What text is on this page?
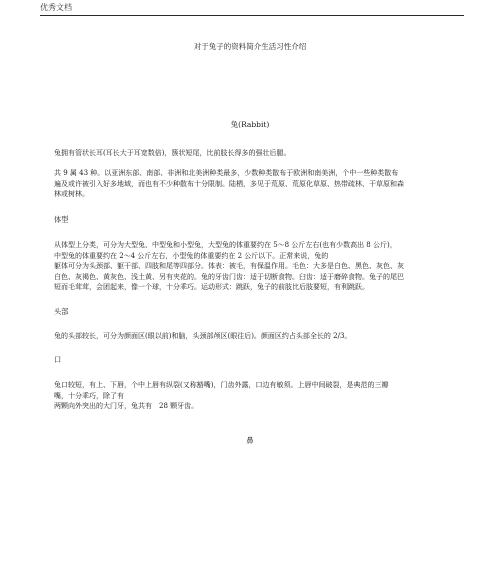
优秀文档
对于兔子的资料简介生活习性介绍
兔(Rabbit)

兔拥有管状长耳(耳长大于耳宽数倍)，簇状短尾，比前肢长得多的强壮后腿。

共 9 属 43 种。以亚洲东部、南部、非洲和北美洲种类最多，少数种类散布于欧洲和南美洲，个中一些种类散布
遍及或许被引入好多地域，而也有不少种散布十分限制。陆栖，多见于荒原、荒原化草原、热带疏林、干草原和森
林或树林。

体型

从体型上分类，可分为大型兔、中型兔和小型兔，大型兔的体重要约在 5～8 公斤左右(也有少数高出 8 公斤)，
中型兔的体重要约在 2～4 公斤左右，小型兔的体重要约在 2 公斤以下。正常来说，兔的
躯体可分为头颈部、躯干部、四肢和尾等四部分。体表：被毛，有保温作用。毛色：大多是白色、黑色、灰色、灰
白色、灰褐色、黄灰色、浅土黄、另有夹花的。兔的牙齿门齿：适于切断食物。臼齿：适于磨碎食物。兔子的尾巴
短而毛茸茸，会团起来，像一个球，十分乖巧。运动形式：跳跃，兔子的前肢比后肢要短，有利跳跃。

头部

兔的头部较长，可分为颜面区(眼以前)和脑，头颈部颅区(眼往后)。颜面区约占头部全长的 2/3。

口

兔口较短，有上、下唇，个中上唇有纵裂(又称豁嘴)，门齿外露，口边有敏须。上唇中间破裂，是典范的三瓣
嘴，十分乖巧，除了有
两颗向外突出的大门牙，兔共有　28 颗牙齿。

鼻
